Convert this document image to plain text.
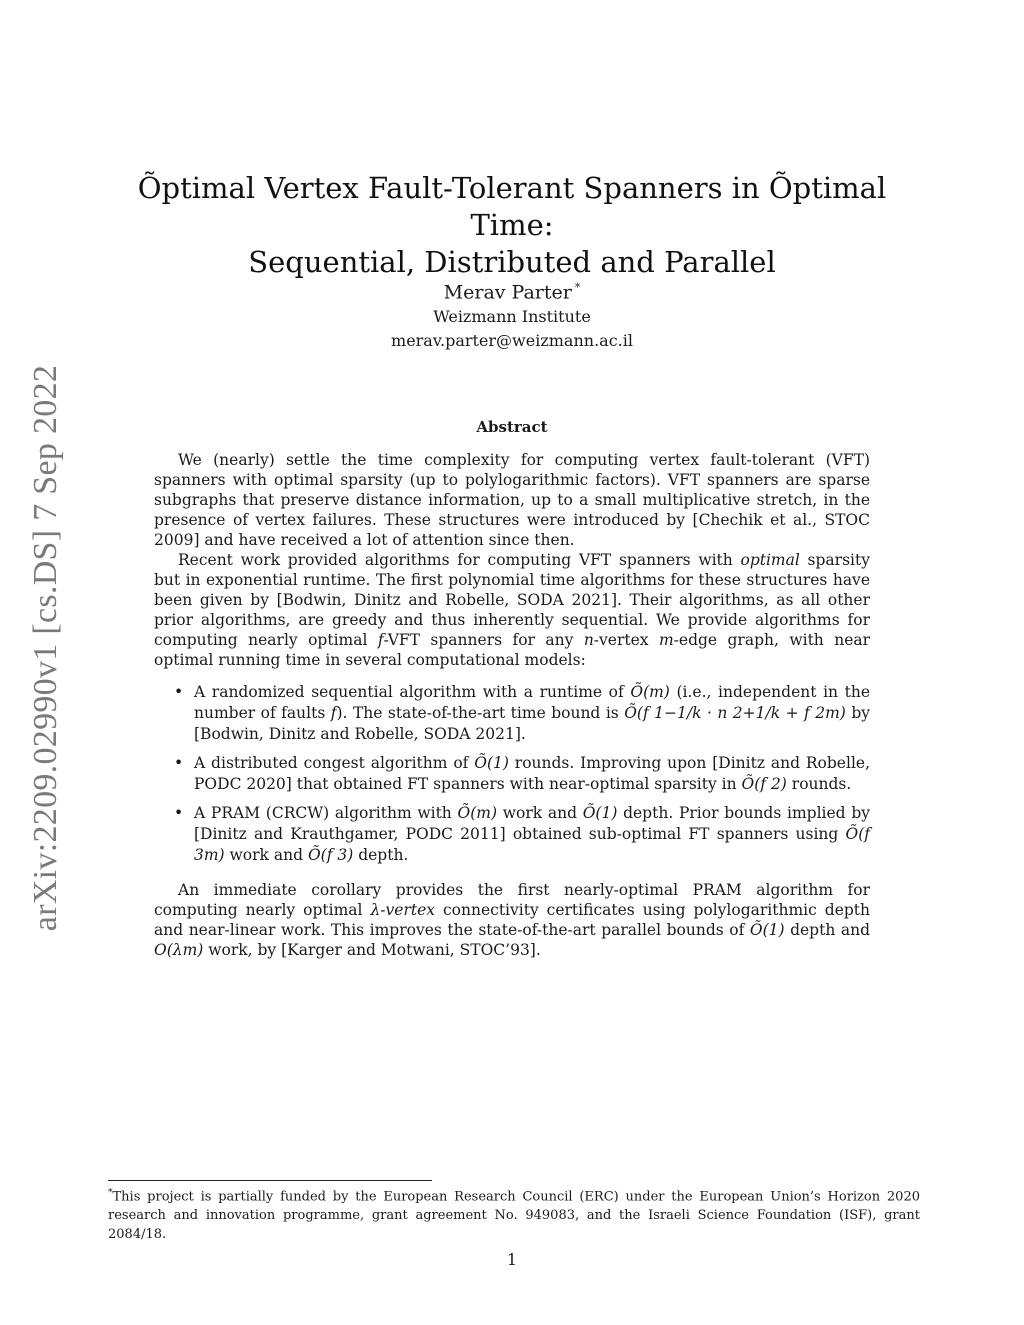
arXiv:2209.02990v1 [cs.DS] 7 Sep 2022
Õptimal Vertex Fault-Tolerant Spanners in Õptimal Time:
Sequential, Distributed and Parallel
Merav Parter *
Weizmann Institute
merav.parter@weizmann.ac.il
Abstract

We (nearly) settle the time complexity for computing vertex fault-tolerant (VFT) spanners with optimal sparsity (up to polylogarithmic factors). VFT spanners are sparse subgraphs that preserve distance information, up to a small multiplicative stretch, in the presence of vertex failures. These structures were introduced by [Chechik et al., STOC 2009] and have received a lot of attention since then.

Recent work provided algorithms for computing VFT spanners with optimal sparsity but in exponential runtime. The first polynomial time algorithms for these structures have been given by [Bodwin, Dinitz and Robelle, SODA 2021]. Their algorithms, as all other prior algorithms, are greedy and thus inherently sequential. We provide algorithms for computing nearly optimal f-VFT spanners for any n-vertex m-edge graph, with near optimal running time in several computational models:

• A randomized sequential algorithm with a runtime of Õ(m) (i.e., independent in the number of faults f). The state-of-the-art time bound is Õ(f 1−1/k · n 2+1/k + f 2m) by [Bodwin, Dinitz and Robelle, SODA 2021].
• A distributed congest algorithm of Õ(1) rounds. Improving upon [Dinitz and Robelle, PODC 2020] that obtained FT spanners with near-optimal sparsity in Õ(f 2) rounds.
• A PRAM (CRCW) algorithm with Õ(m) work and Õ(1) depth. Prior bounds implied by [Dinitz and Krauthgamer, PODC 2011] obtained sub-optimal FT spanners using Õ(f 3m) work and Õ(f 3) depth.

An immediate corollary provides the first nearly-optimal PRAM algorithm for computing nearly optimal λ-vertex connectivity certificates using polylogarithmic depth and near-linear work. This improves the state-of-the-art parallel bounds of Õ(1) depth and O(λm) work, by [Karger and Motwani, STOC’93].

*This project is partially funded by the European Research Council (ERC) under the European Union’s Horizon 2020 research and innovation programme, grant agreement No. 949083, and the Israeli Science Foundation (ISF), grant 2084/18.
1
